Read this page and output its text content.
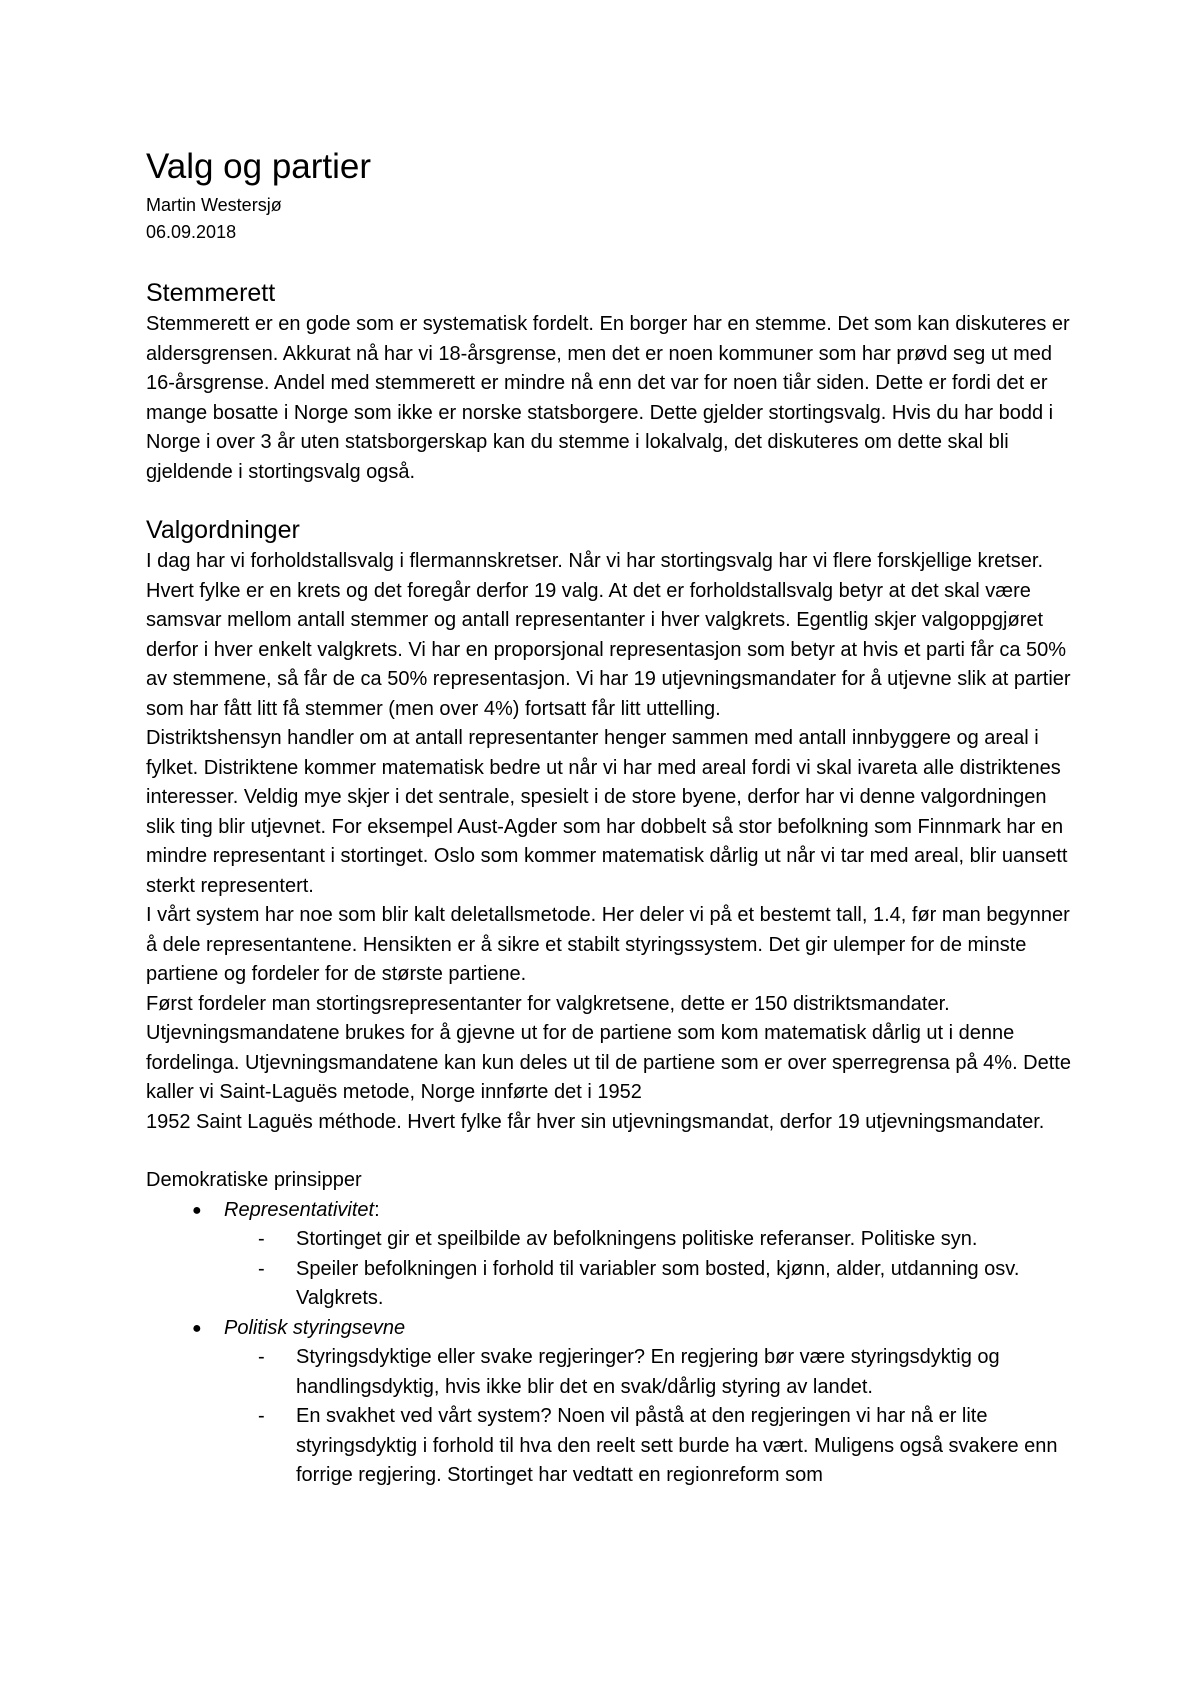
Valg og partier

Martin Westersjø

06.09.2018

Stemmerett

Stemmerett er en gode som er systematisk fordelt. En borger har en stemme. Det som kan diskuteres er aldersgrensen. Akkurat nå har vi 18-årsgrense, men det er noen kommuner som har prøvd seg ut med 16-årsgrense. Andel med stemmerett er mindre nå enn det var for noen tiår siden. Dette er fordi det er mange bosatte i Norge som ikke er norske statsborgere. Dette gjelder stortingsvalg. Hvis du har bodd i Norge i over 3 år uten statsborgerskap kan du stemme i lokalvalg, det diskuteres om dette skal bli gjeldende i stortingsvalg også.

Valgordninger

I dag har vi forholdstallsvalg i flermannskretser. Når vi har stortingsvalg har vi flere forskjellige kretser. Hvert fylke er en krets og det foregår derfor 19 valg. At det er forholdstallsvalg betyr at det skal være samsvar mellom antall stemmer og antall representanter i hver valgkrets. Egentlig skjer valgoppgjøret derfor i hver enkelt valgkrets. Vi har en proporsjonal representasjon som betyr at hvis et parti får ca 50% av stemmene, så får de ca 50% representasjon. Vi har 19 utjevningsmandater for å utjevne slik at partier som har fått litt få stemmer (men over 4%) fortsatt får litt uttelling.

Distriktshensyn handler om at antall representanter henger sammen med antall innbyggere og areal i fylket. Distriktene kommer matematisk bedre ut når vi har med areal fordi vi skal ivareta alle distriktenes interesser. Veldig mye skjer i det sentrale, spesielt i de store byene, derfor har vi denne valgordningen slik ting blir utjevnet. For eksempel Aust-Agder som har dobbelt så stor befolkning som Finnmark har en mindre representant i stortinget. Oslo som kommer matematisk dårlig ut når vi tar med areal, blir uansett sterkt representert.

I vårt system har noe som blir kalt deletallsmetode. Her deler vi på et bestemt tall, 1.4, før man begynner å dele representantene. Hensikten er å sikre et stabilt styringssystem. Det gir ulemper for de minste partiene og fordeler for de største partiene.

Først fordeler man stortingsrepresentanter for valgkretsene, dette er 150 distriktsmandater. Utjevningsmandatene brukes for å gjevne ut for de partiene som kom matematisk dårlig ut i denne fordelinga. Utjevningsmandatene kan kun deles ut til de partiene som er over sperregrensa på 4%. Dette kaller vi Saint-Laguës metode, Norge innførte det i 1952

1952 Saint Laguës méthode. Hvert fylke får hver sin utjevningsmandat, derfor 19 utjevningsmandater.

Demokratiske prinsipper

● Representativitet:
- Stortinget gir et speilbilde av befolkningens politiske referanser. Politiske syn.
- Speiler befolkningen i forhold til variabler som bosted, kjønn, alder, utdanning osv. Valgkrets.
● Politisk styringsevne
- Styringsdyktige eller svake regjeringer? En regjering bør være styringsdyktig og handlingsdyktig, hvis ikke blir det en svak/dårlig styring av landet.
- En svakhet ved vårt system? Noen vil påstå at den regjeringen vi har nå er lite styringsdyktig i forhold til hva den reelt sett burde ha vært. Muligens også svakere enn forrige regjering. Stortinget har vedtatt en regionreform som
